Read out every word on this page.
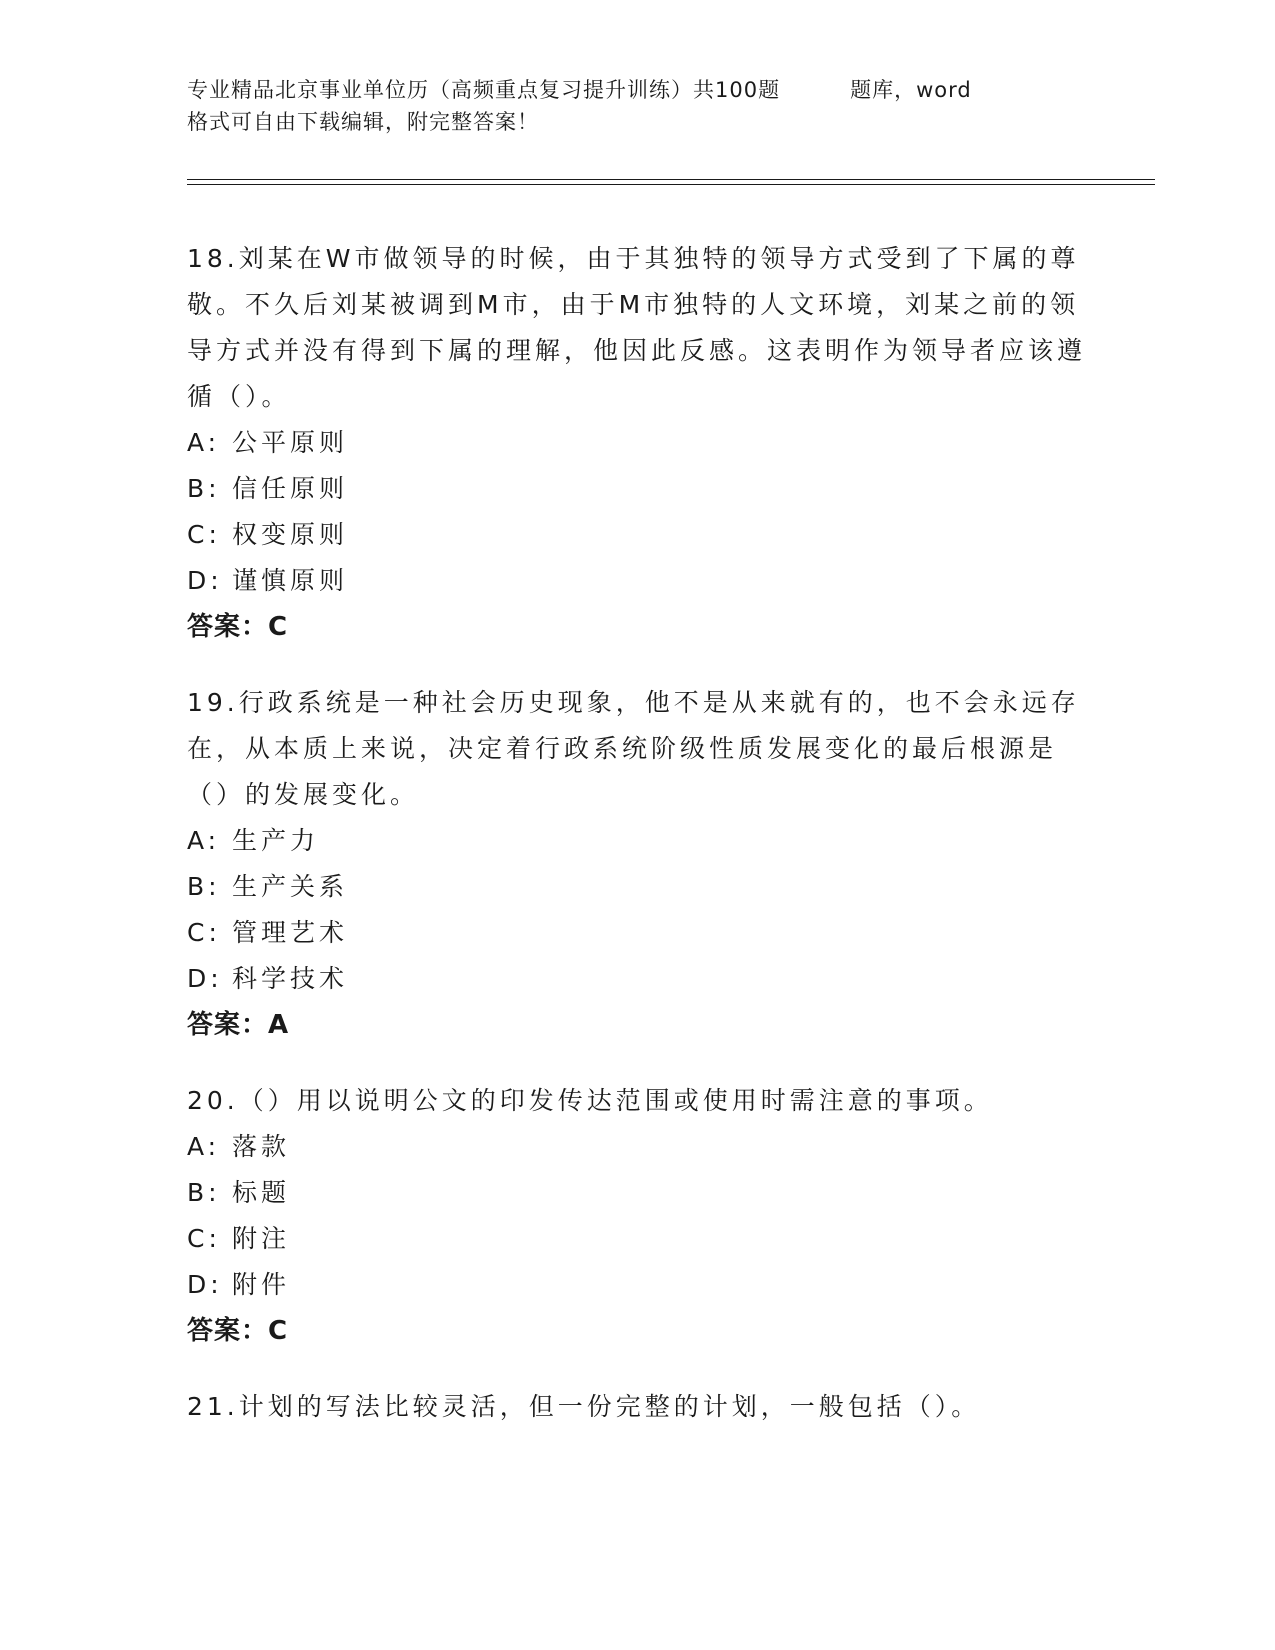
专业精品北京事业单位历（高频重点复习提升训练）共100题	题库，word
格式可自由下载编辑，附完整答案！

18.刘某在W市做领导的时候，由于其独特的领导方式受到了下属的尊敬。不久后刘某被调到M市，由于M市独特的人文环境，刘某之前的领导方式并没有得到下属的理解，他因此反感。这表明作为领导者应该遵循（）。

A: 公平原则
B: 信任原则
C: 权变原则
D: 谨慎原则
答案：C

19.行政系统是一种社会历史现象，他不是从来就有的，也不会永远存在，从本质上来说，决定着行政系统阶级性质发展变化的最后根源是（）的发展变化。

A: 生产力
B: 生产关系
C: 管理艺术
D: 科学技术
答案：A

20.（）用以说明公文的印发传达范围或使用时需注意的事项。

A: 落款
B: 标题
C: 附注
D: 附件
答案：C

21.计划的写法比较灵活，但一份完整的计划，一般包括（）。
